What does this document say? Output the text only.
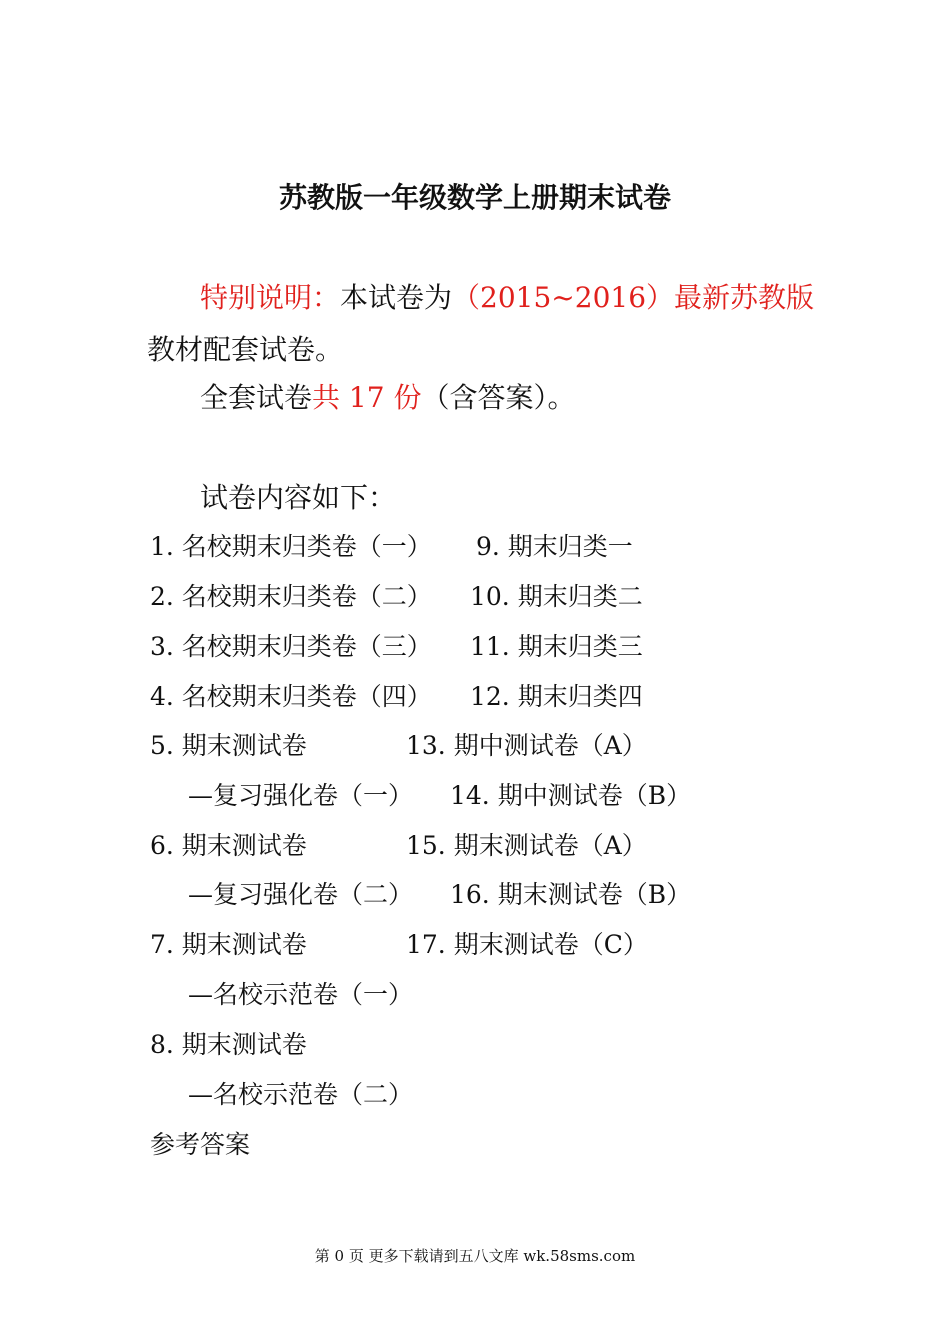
苏教版一年级数学上册期末试卷
特别说明：本试卷为（2015~2016）最新苏教版
教材配套试卷。
全套试卷共 17 份（含答案）。
试卷内容如下：
1. 名校期末归类卷（一）
2. 名校期末归类卷（二）
3. 名校期末归类卷（三）
4. 名校期末归类卷（四）
5. 期末测试卷
—复习强化卷（一）
6. 期末测试卷
—复习强化卷（二）
7. 期末测试卷
—名校示范卷（一）
8. 期末测试卷
—名校示范卷（二）
参考答案
9. 期末归类一
10. 期末归类二
11. 期末归类三
12. 期末归类四
13. 期中测试卷（A）
14. 期中测试卷（B）
15. 期末测试卷（A）
16. 期末测试卷（B）
17. 期末测试卷（C）
第 0 页 更多下载请到五八文库 wk.58sms.com
